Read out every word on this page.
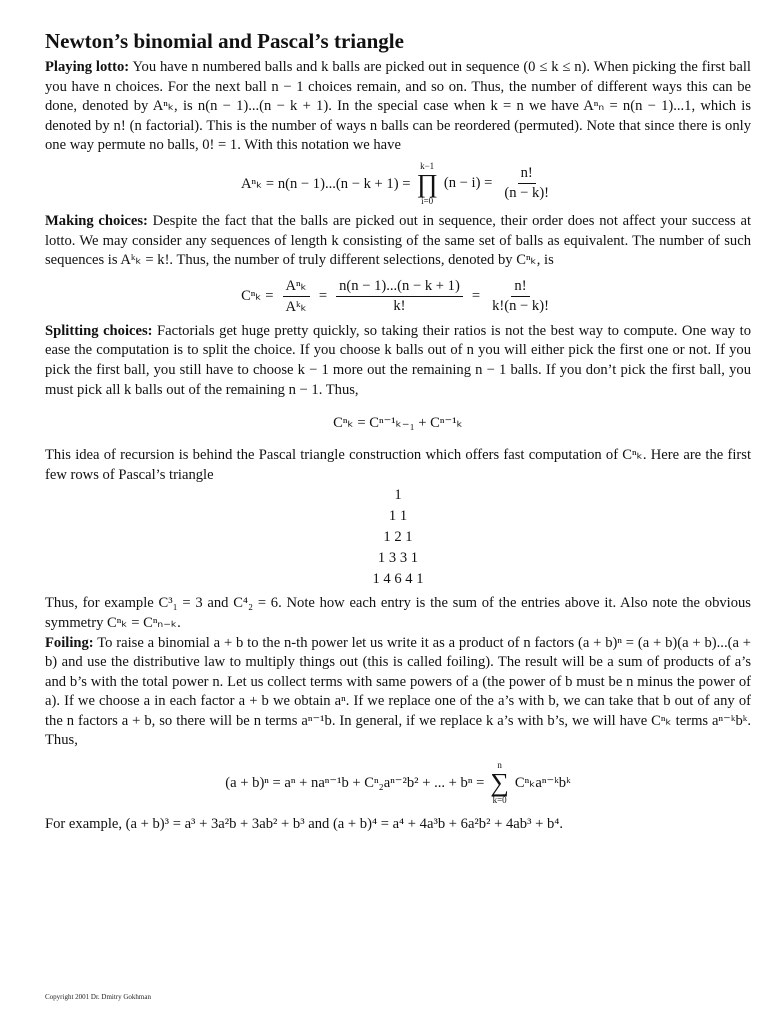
Newton’s binomial and Pascal’s triangle

Playing lotto: You have n numbered balls and k balls are picked out in sequence (0 ≤ k ≤ n). When picking the first ball you have n choices. For the next ball n − 1 choices remain, and so on. Thus, the number of different ways this can be done, denoted by Aⁿₖ, is n(n − 1)...(n − k + 1). In the special case when k = n we have Aⁿₙ = n(n − 1)...1, which is denoted by n! (n factorial). This is the number of ways n balls can be reordered (permuted). Note that since there is only one way permute no balls, 0! = 1. With this notation we have

Aⁿₖ = n(n − 1)...(n − k + 1) =
k−1
∏
i=0
$(n - i) = \frac{n!}{(n - k)!}$

Making choices: Despite the fact that the balls are picked out in sequence, their order does not affect your success at lotto. We may consider any sequences of length k consisting of the same set of balls as equivalent. The number of such sequences is Aᵏₖ = k!. Thus, the number of truly different selections, denoted by Cⁿₖ, is

$C^n_k = \frac{\text{Aⁿₖ}}{\text{Aᵏₖ}} = \frac{n(n - 1)...(n - k + 1)}{k!} = \frac{n!}{k!(n - k)!}$

Splitting choices: Factorials get huge pretty quickly, so taking their ratios is not the best way to compute. One way to ease the computation is to split the choice. If you choose k balls out of n you will either pick the first one or not. If you pick the first ball, you still have to choose k − 1 more out the remaining n − 1 balls. If you don’t pick the first ball, you must pick all k balls out of the remaining n − 1. Thus,

Cⁿₖ = Cⁿ⁻¹ₖ₋₁ + Cⁿ⁻¹ₖ

This idea of recursion is behind the Pascal triangle construction which offers fast computation of Cⁿₖ. Here are the first few rows of Pascal’s triangle

1
1 1
1 2 1
1 3 3 1
1 4 6 4 1

Thus, for example C³₁ = 3 and C⁴₂ = 6. Note how each entry is the sum of the entries above it. Also note the obvious symmetry Cⁿₖ = Cⁿₙ₋ₖ.

Foiling: To raise a binomial a + b to the n-th power let us write it as a product of n factors (a + b)ⁿ = (a + b)(a + b)...(a + b) and use the distributive law to multiply things out (this is called foiling). The result will be a sum of products of a’s and b’s with the total power n. Let us collect terms with same powers of a (the power of b must be n minus the power of a). If we choose a in each factor a + b we obtain aⁿ. If we replace one of the a’s with b, we can take that b out of any of the n factors a + b, so there will be n terms aⁿ⁻¹b. In general, if we replace k a’s with b’s, we will have Cⁿₖ terms aⁿ⁻ᵏbᵏ. Thus,

(a + b)ⁿ = aⁿ + naⁿ⁻¹b + Cⁿ₂aⁿ⁻²b² + ... + bⁿ =
n
∑
k=0
Cⁿₖaⁿ⁻ᵏbᵏ

For example, (a + b)³ = a³ + 3a²b + 3ab² + b³ and (a + b)⁴ = a⁴ + 4a³b + 6a²b² + 4ab³ + b⁴.

Copyright 2001 Dr. Dmitry Gokhman
